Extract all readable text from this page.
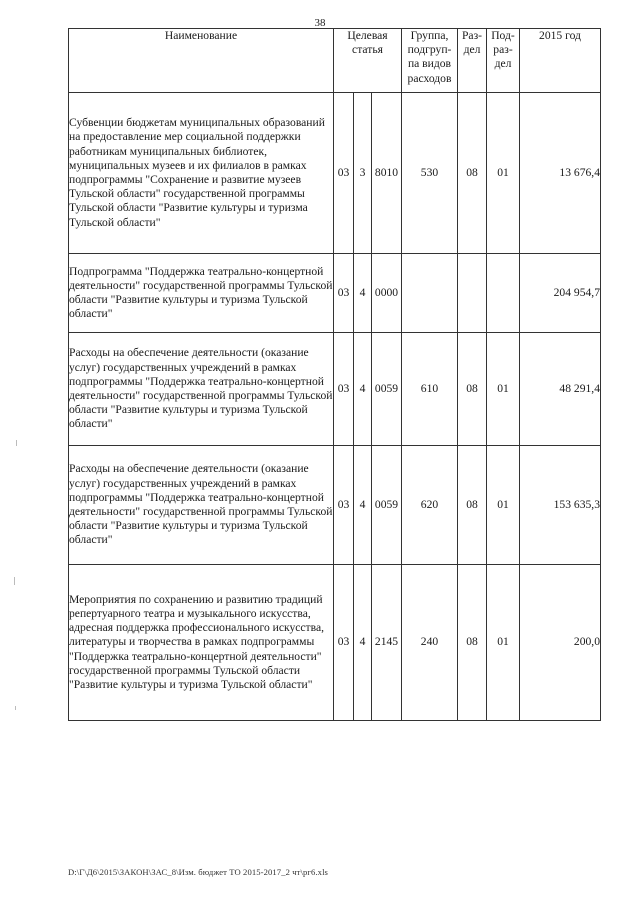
38
Наименование	Целевая статья			Группа, подгруп-па видов расходов	Раз-дел	Под-раз-дел	2015 год
Субвенции бюджетам муниципальных образований на предоставление мер социальной поддержки работникам муниципальных библиотек, муниципальных музеев и их филиалов в рамках подпрограммы "Сохранение и развитие музеев Тульской области" государственной программы Тульской области "Развитие культуры и туризма Тульской области"	03	3	8010	530	08	01	13 676,4
Подпрограмма "Поддержка театрально-концертной деятельности" государственной программы Тульской области "Развитие культуры и туризма Тульской области"	03	4	0000				204 954,7
Расходы на обеспечение деятельности (оказание услуг) государственных учреждений в рамках подпрограммы "Поддержка театрально-концертной деятельности" государственной программы Тульской области "Развитие культуры и туризма Тульской области"	03	4	0059	610	08	01	48 291,4
Расходы на обеспечение деятельности (оказание услуг) государственных учреждений в рамках подпрограммы "Поддержка театрально-концертной деятельности" государственной программы Тульской области "Развитие культуры и туризма Тульской области"	03	4	0059	620	08	01	153 635,3
Мероприятия по сохранению и развитию традиций репертуарного театра и музыкального искусства, адресная поддержка профессионального искусства, литературы и творчества в рамках подпрограммы "Поддержка театрально-концертной деятельности" государственной программы Тульской области "Развитие культуры и туризма Тульской области"	03	4	2145	240	08	01	200,0
D:\Г\Д6\2015\ЗАКОН\ЗАС_8\Изм. бюджет ТО 2015-2017_2 чт\рг6.xls
